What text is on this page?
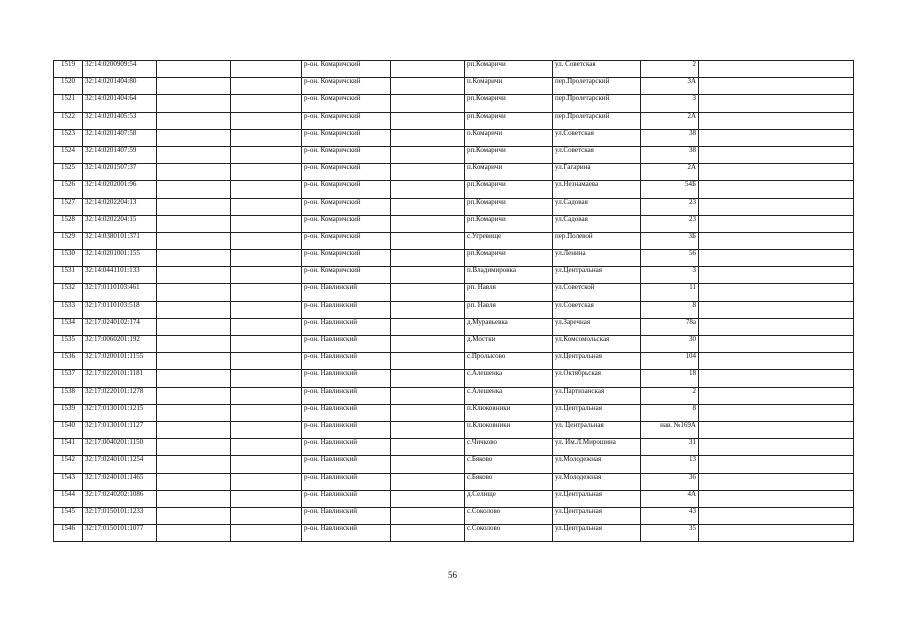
1519	32:14:0200909:54			р-он. Комаричский		рп.Комаричи	ул. Советская	2	
1520	32:14:0201404:80			р-он. Комаричский		п.Комаричи	пер.Пролетарский	3А	
1521	32:14:0201404:64			р-он. Комаричский		рп.Комаричи	пер.Пролетарский	3	
1522	32:14:0201405:53			р-он. Комаричский		рп.Комаричи	пер.Пролетарский	2А	
1523	32:14:0201407:58			р-он. Комаричский		п.Комаричи	ул.Советская	38	
1524	32:14:0201407:59			р-он. Комаричский		рп.Комаричи	ул.Советская	38	
1525	32:14:0201507:37			р-он. Комаричский		п.Комаричи	ул.Гагарина	2А	
1526	32:14:0202001:96			р-он. Комаричский		рп.Комаричи	ул.Незнамаева	54Б	
1527	32:14:0202204:13			р-он. Комаричский		рп.Комаричи	ул.Садовая	23	
1528	32:14:0202204:15			р-он. Комаричский		рп.Комаричи	ул.Садовая	23	
1529	32:14:0380101:371			р-он. Комаричский		с.Угревище	пер.Полевой	3Б	
1530	32:14:0201001:155			р-он. Комаричский		рп.Комаричи	ул.Ленина	56	
1531	32:14:0441101:133			р-он. Комаричский		п.Владимировка	ул.Центральная	3	
1532	32:17:0110103:461			р-он. Навлинский		рп. Навля	ул.Советской	11	
1533	32:17:0110103:518			р-он. Навлинский		рп. Навля	ул.Советская	8	
1534	32:17:0240102:174			р-он. Навлинский		д.Муравьевка	ул.Заречная	78а	
1535	32:17:0060201:192			р-он. Навлинский		д.Мостки	ул.Комсомольская	30	
1536	32:17:0200101:1155			р-он. Навлинский		с.Пролысово	ул.Центральная	104	
1537	32:17:0220101:1181			р-он. Навлинский		с.Алешенка	ул.Октябрьская	18	
1538	32:17:0220101:1278			р-он. Навлинский		с.Алешенка	ул.Партизанская	2	
1539	32:17:0130101:1215			р-он. Навлинский		п.Клюковники	ул.Центральная	8	
1540	32:17:0130101:1127			р-он. Навлинский		п.Клюковники	ул. Центральная	нав. №169А	
1541	32:17:0040201:1150			р-он. Навлинский		с.Чичково	ул. Им.Л.Мирошина	31	
1542	32:17:0240101:1254			р-он. Навлинский		с.Бяково	ул.Молодежная	13	
1543	32:17:0240101:1465			р-он. Навлинский		с.Бяково	ул.Молодежная	36	
1544	32:17:0240202:1086			р-он. Навлинский		д.Селище	ул.Центральная	4А	
1545	32:17:0150101:1233			р-он. Навлинский		с.Соколово	ул.Центральная	43	
1546	32:17:0150101:1077			р-он. Навлинский		с.Соколово	ул.Центральная	35	
56
